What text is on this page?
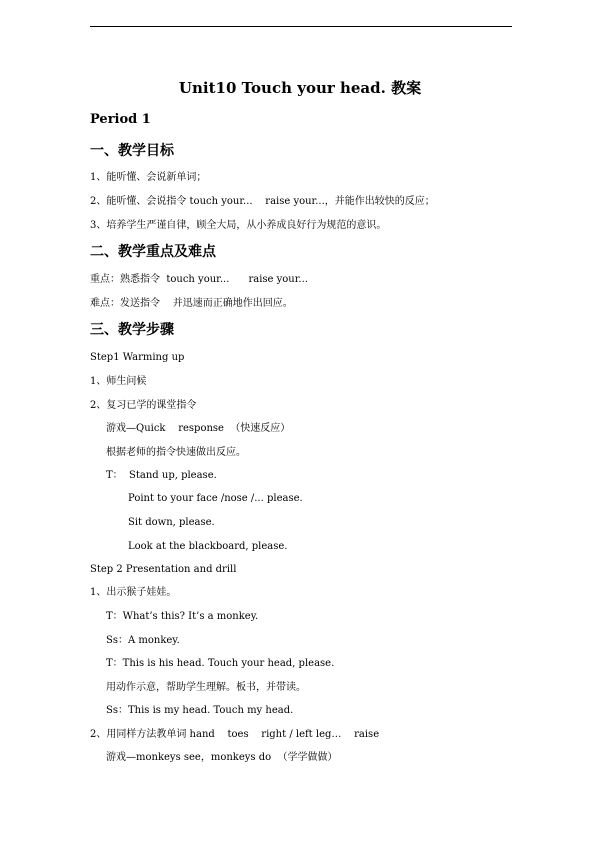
Unit10 Touch your head. 教案
Period 1
一、教学目标
1、能听懂、会说新单词；
2、能听懂、会说指令 touch your...    raise your...，并能作出较快的反应；
3、培养学生严谨自律，顾全大局，从小养成良好行为规范的意识。
二、教学重点及难点
重点：熟悉指令  touch your...      raise your...
难点：发送指令    并迅速而正确地作出回应。
三、教学步骤
Step1 Warming up
1、师生问候
2、复习已学的课堂指令
游戏—Quick    response  （快速反应）
根据老师的指令快速做出反应。
T：  Stand up, please.
Point to your face /nose /... please.
Sit down, please.
Look at the blackboard, please.
Step 2 Presentation and drill
1、出示猴子娃娃。
T：What’s this? It’s a monkey.
Ss：A monkey.
T：This is his head. Touch your head, please.
用动作示意，帮助学生理解。板书，并带读。
Ss：This is my head. Touch my head.
2、用同样方法教单词 hand    toes    right / left leg…    raise
游戏—monkeys see，monkeys do  （学学做做）
